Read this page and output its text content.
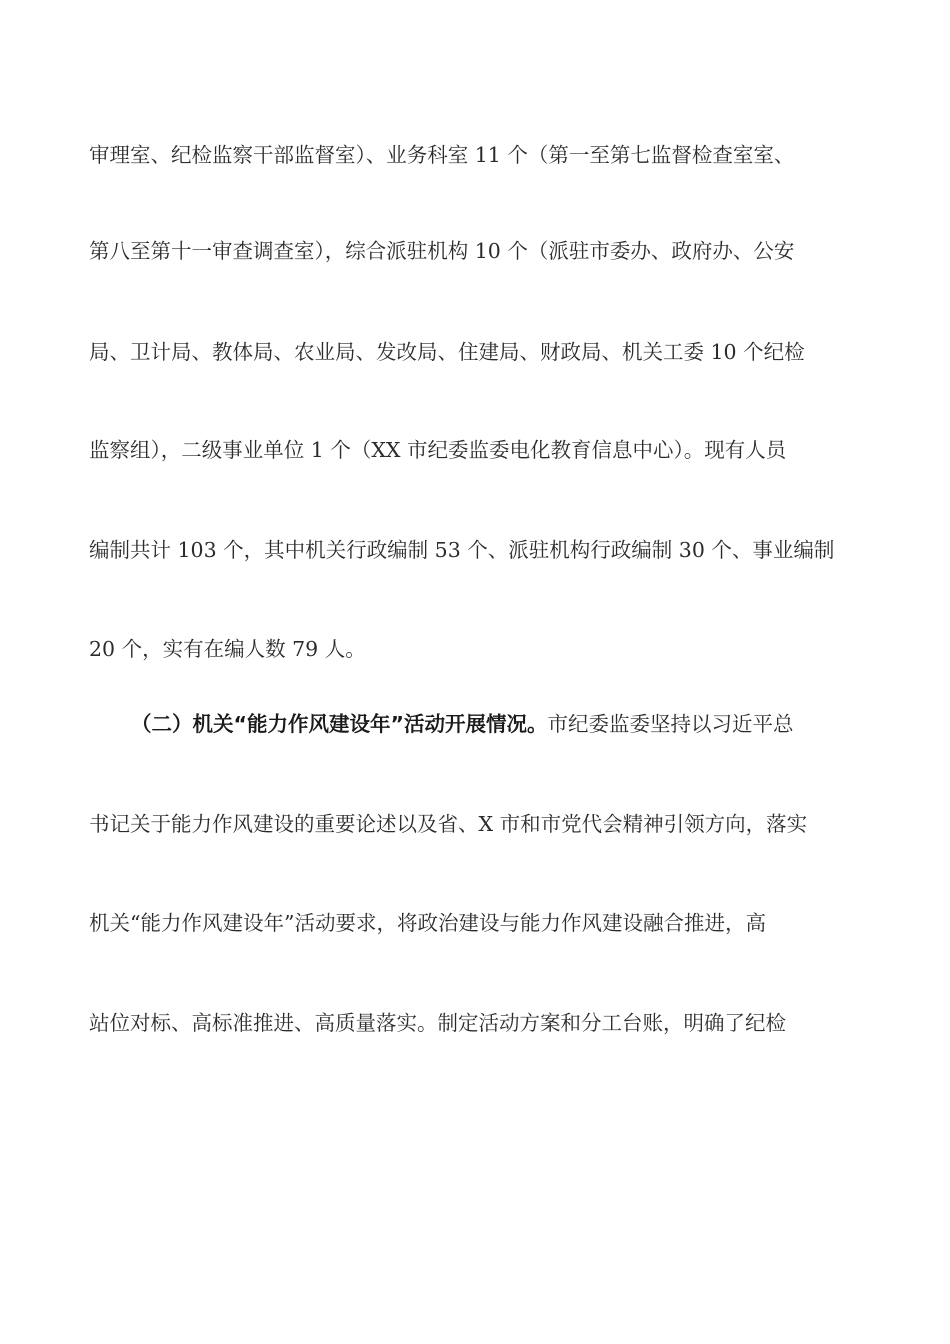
审理室、纪检监察干部监督室）、业务科室 11 个（第一至第七监督检查室室、
第八至第十一审查调查室），综合派驻机构 10 个（派驻市委办、政府办、公安
局、卫计局、教体局、农业局、发改局、住建局、财政局、机关工委 10 个纪检
监察组），二级事业单位 1 个（XX 市纪委监委电化教育信息中心）。现有人员
编制共计 103 个，其中机关行政编制 53 个、派驻机构行政编制 30 个、事业编制
20 个，实有在编人数 79 人。
（二）机关“能力作风建设年”活动开展情况。市纪委监委坚持以习近平总
书记关于能力作风建设的重要论述以及省、X 市和市党代会精神引领方向，落实
机关“能力作风建设年”活动要求，将政治建设与能力作风建设融合推进，高
站位对标、高标准推进、高质量落实。制定活动方案和分工台账，明确了纪检
